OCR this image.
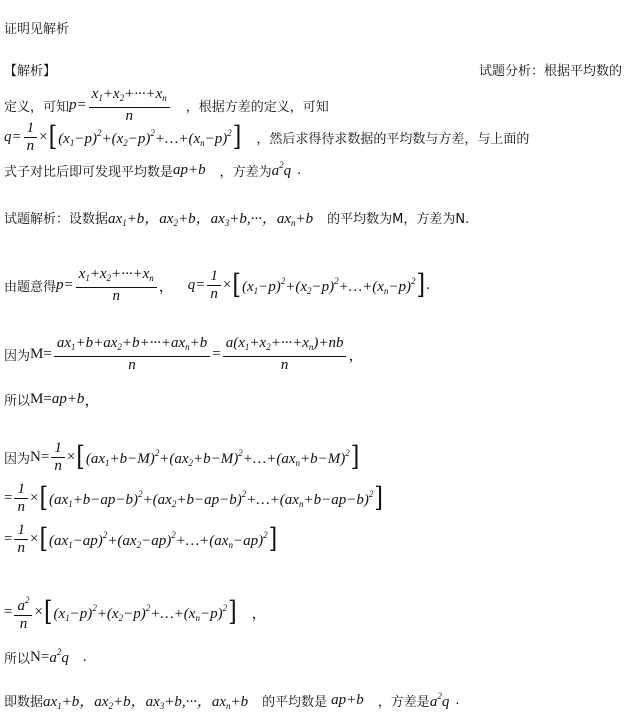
证明见解析
【解析】	试题分析：根据平均数的
定义，可知 $p= \frac{x_1+x_2+\cdot\cdot\cdot+x_n}{n}$ ，根据方差的定义，可知
$q= \frac{1}{n}$ × [ $(x_1-p)^2+(x_2-p)^2+\dots+(x_n-p)^2$ ] ，然后求得待求数据的平均数与方差，与上面的
式子对比后即可发现平均数是 ap+b ，方差为 $a^2q$ .
试题解析：设数据 $ax_1+b$，$ax_2+b$，$ax_3+b,\cdot\cdot\cdot$，$ax_n+b$ 的平均数为M，方差为N.
由题意得 $p= \frac{x_1+x_2+\cdot\cdot\cdot+x_n}{n}$ ， $q= \frac{1}{n}$ × [ $(x_1-p)^2+(x_2-p)^2+\dots+(x_n-p)^2$ ] .
因为 $M= \frac{ax_1+b+ax_2+b+\cdot\cdot\cdot+ax_n+b}{n} = \frac{a(x_1+x_2+\cdot\cdot\cdot+x_n)+nb}{n}$ ，
所以 M= ap+b ，
因为 $N= \frac{1}{n}$ × [ $(ax_1+b-M)^2+(ax_2+b-M)^2+\dots+(ax_n+b-M)^2$ ]
= $\frac{1}{n}$ × [ $(ax_1+b-ap-b)^2+(ax_2+b-ap-b)^2+\dots+(ax_n+b-ap-b)^2$ ]
= $\frac{1}{n}$ × [ $(ax_1-ap)^2+(ax_2-ap)^2+\dots+(ax_n-ap)^2$ ]
= $\frac{a^2}{n}$ × [ $(x_1-p)^2+(x_2-p)^2+\dots+(x_n-p)^2$ ] ，
所以 $N= a^2q$ .
即数据 $ax_1+b$，$ax_2+b$，$ax_3+b,\cdot\cdot\cdot$，$ax_n+b$ 的平均数是 ap+b ，方差是 $a^2q$ .
